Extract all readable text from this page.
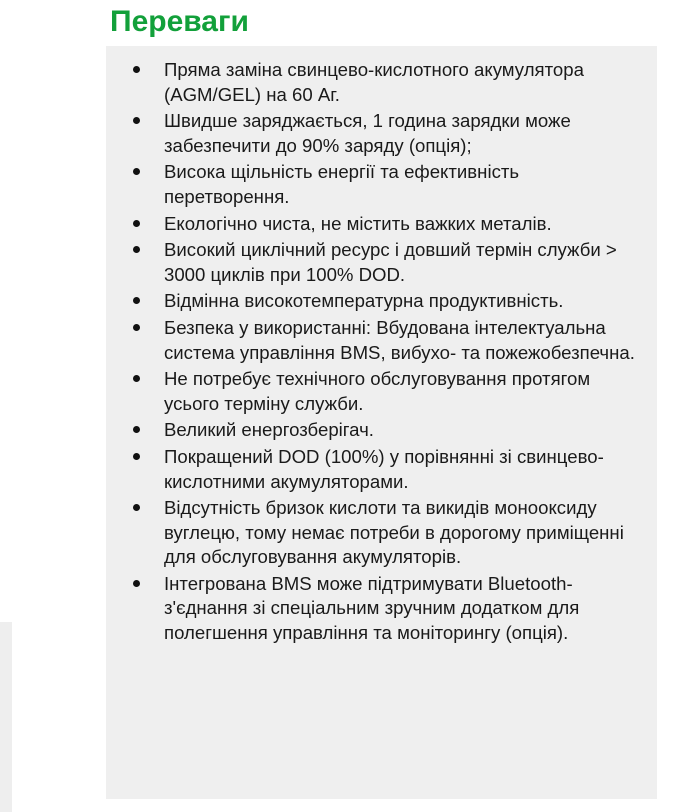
Переваги
Пряма заміна свинцево-кислотного акумулятора (AGM/GEL) на 60 Аг.
Швидше заряджається, 1 година зарядки може забезпечити до 90% заряду (опція);
Висока щільність енергії та ефективність перетворення.
Екологічно чиста, не містить важких металів.
Високий циклічний ресурс і довший термін служби > 3000 циклів при 100% DOD.
Відмінна високотемпературна продуктивність.
Безпека у використанні: Вбудована інтелектуальна система управління BMS, вибухо- та пожежобезпечна.
Не потребує технічного обслуговування протягом усього терміну служби.
Великий енергозберігач.
Покращений DOD (100%) у порівнянні зі свинцево-кислотними акумуляторами.
Відсутність бризок кислоти та викидів монооксиду вуглецю, тому немає потреби в дорогому приміщенні для обслуговування акумуляторів.
Інтегрована BMS може підтримувати Bluetooth-з'єднання зі спеціальним зручним додатком для полегшення управління та моніторингу (опція).
